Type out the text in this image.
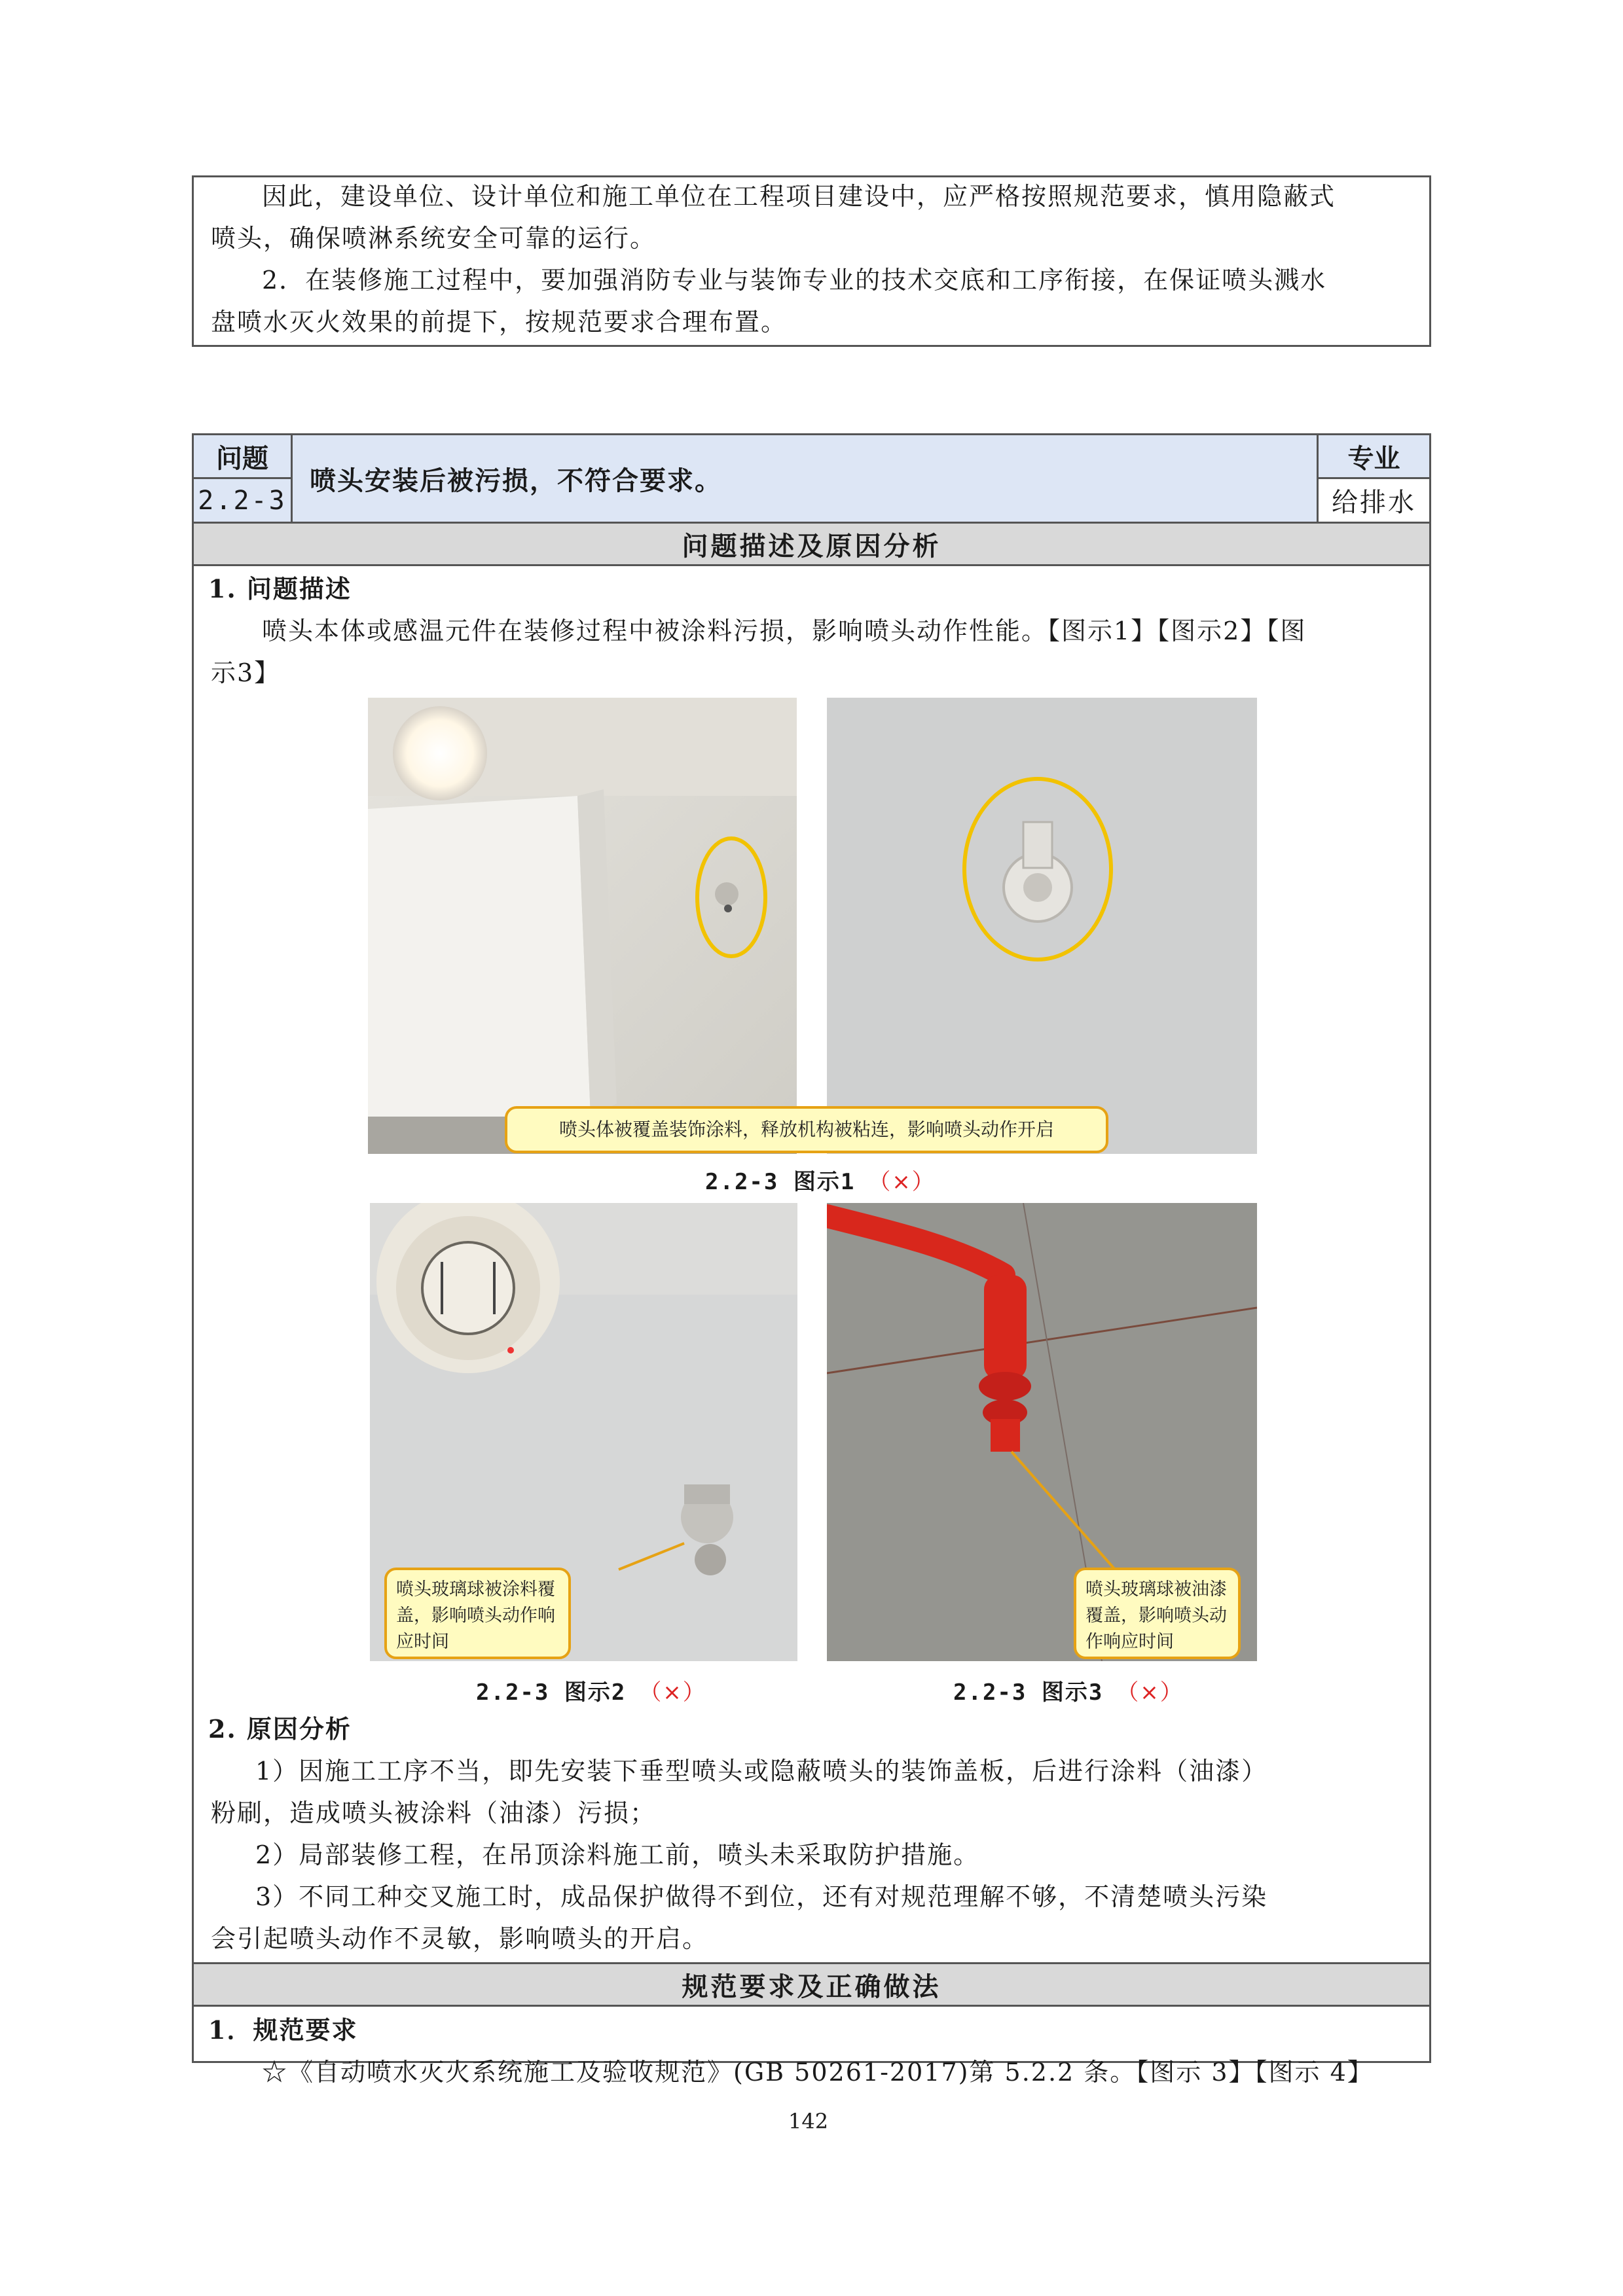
因此，建设单位、设计单位和施工单位在工程项目建设中，应严格按照规范要求，慎用隐蔽式
喷头，确保喷淋系统安全可靠的运行。
2．在装修施工过程中，要加强消防专业与装饰专业的技术交底和工序衔接，在保证喷头溅水
盘喷水灭火效果的前提下，按规范要求合理布置。
问题
2.2-3
喷头安装后被污损，不符合要求。
专业
给排水
问题描述及原因分析
1. 问题描述
喷头本体或感温元件在装修过程中被涂料污损，影响喷头动作性能。【图示1】【图示2】【图
示3】
喷头体被覆盖装饰涂料，释放机构被粘连，影响喷头动作开启
2.2-3 图示1 （×）
喷头玻璃球被涂料覆盖，影响喷头动作响应时间
2.2-3 图示2 （×）
喷头玻璃球被油漆覆盖，影响喷头动作响应时间
2.2-3 图示3 （×）
2. 原因分析
1）因施工工序不当，即先安装下垂型喷头或隐蔽喷头的装饰盖板，后进行涂料（油漆）
粉刷，造成喷头被涂料（油漆）污损；
2）局部装修工程，在吊顶涂料施工前，喷头未采取防护措施。
3）不同工种交叉施工时，成品保护做得不到位，还有对规范理解不够，不清楚喷头污染
会引起喷头动作不灵敏，影响喷头的开启。
规范要求及正确做法
1．规范要求
☆《自动喷水灭火系统施工及验收规范》(GB 50261-2017)第 5.2.2 条。【图示 3】【图示 4】
142
